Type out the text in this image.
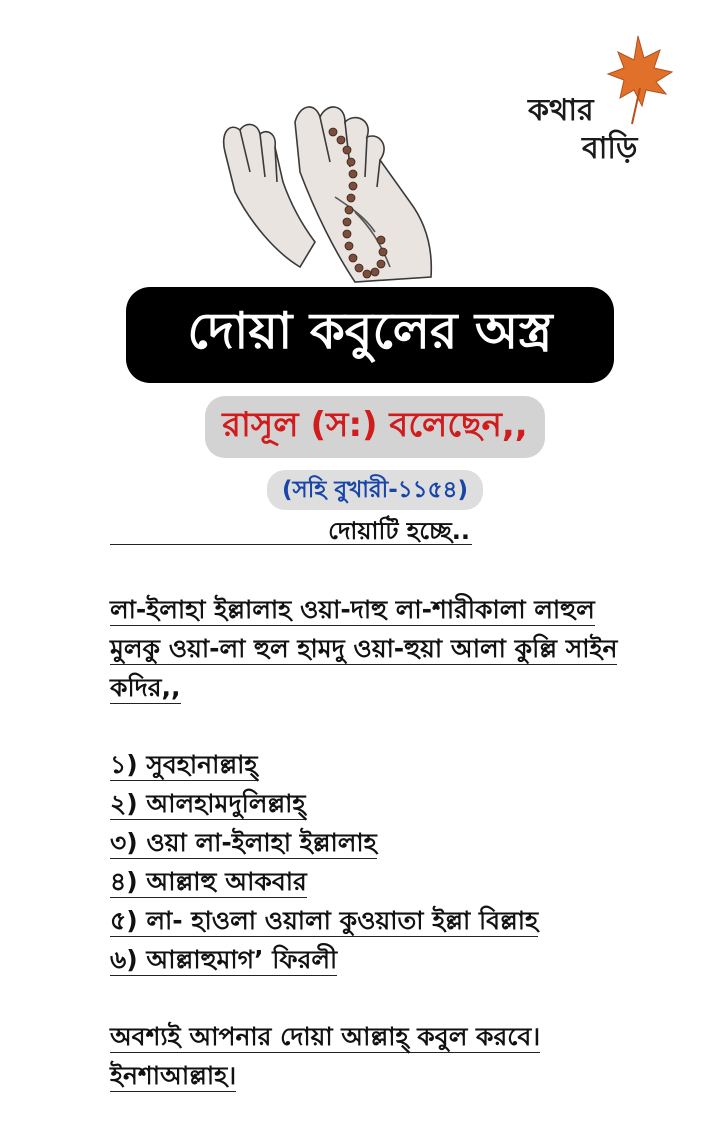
কথার
বাড়ি
দোয়া কবুলের অস্ত্র
রাসূল (স:) বলেছেন,,
(সহি বুখারী-১১৫৪)
দোয়াটি হচ্ছে..
লা-ইলাহা ইল্লালাহ ওয়া-দাহু লা-শারীকালা লাহুল
মুলকু ওয়া-লা হুল হামদু ওয়া-হুয়া আলা কুল্লি সাইন
কদির,,
১) সুবহানাল্লাহ্
২) আলহামদুলিল্লাহ্
৩) ওয়া লা-ইলাহা ইল্লালাহ
৪) আল্লাহু আকবার
৫) লা- হাওলা ওয়ালা কুওয়াতা ইল্লা বিল্লাহ
৬) আল্লাহুমাগ’ ফিরলী
অবশ্যই আপনার দোয়া আল্লাহ্ কবুল করবে।
ইনশাআল্লাহ।
